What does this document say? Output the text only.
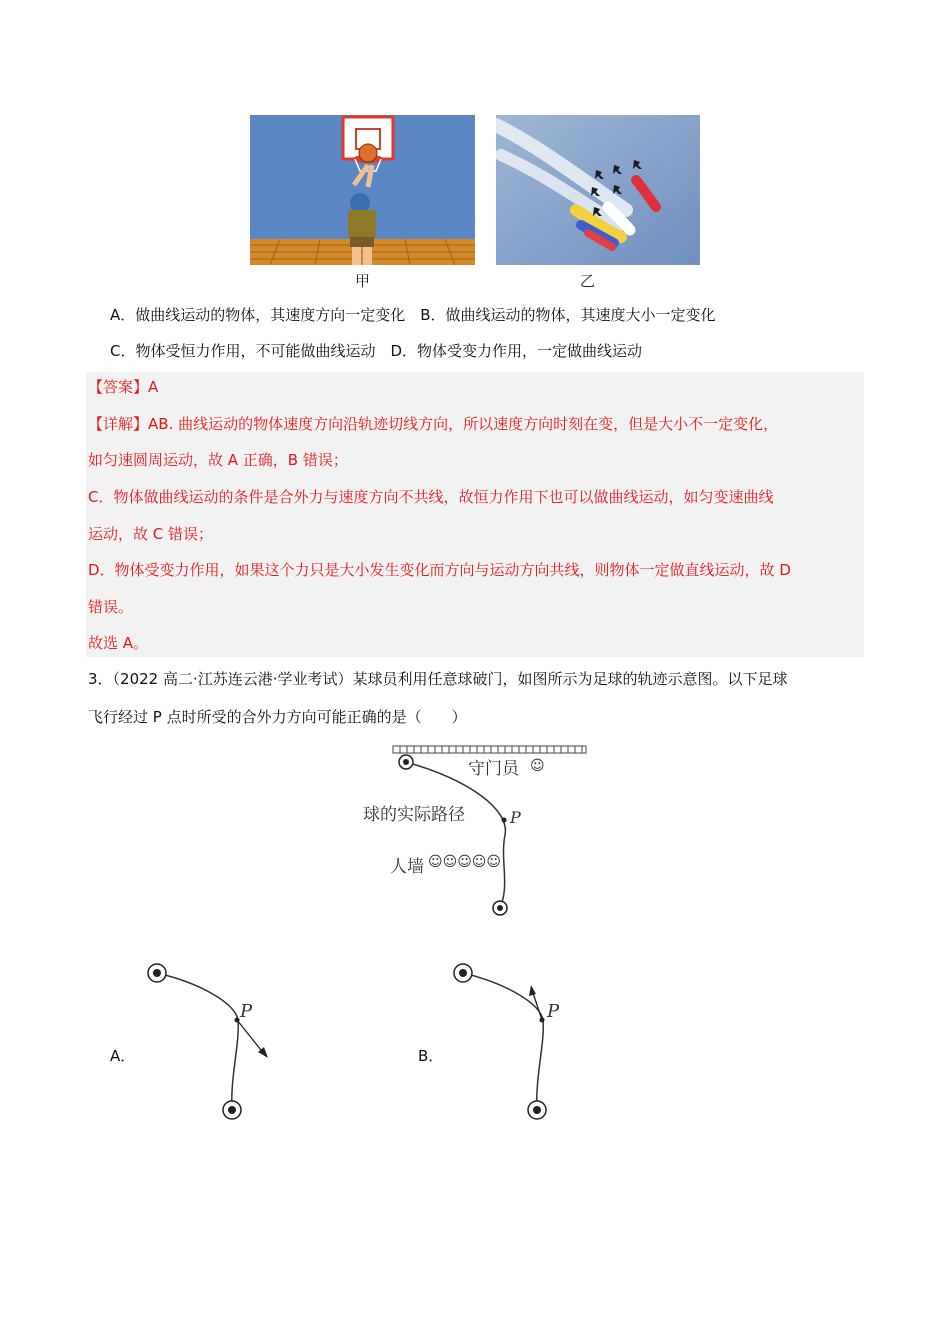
甲	乙
A．做曲线运动的物体，其速度方向一定变化　B．做曲线运动的物体，其速度大小一定变化
C．物体受恒力作用，不可能做曲线运动　D．物体受变力作用，一定做曲线运动
【答案】A
【详解】AB. 曲线运动的物体速度方向沿轨迹切线方向，所以速度方向时刻在变，但是大小不一定变化，
如匀速圆周运动，故 A 正确，B 错误；
C．物体做曲线运动的条件是合外力与速度方向不共线，故恒力作用下也可以做曲线运动，如匀变速曲线
运动，故 C 错误；
D．物体受变力作用，如果这个力只是大小发生变化而方向与运动方向共线，则物体一定做直线运动，故 D
错误。
故选 A。
3．（2022 高二·江苏连云港·学业考试）某球员利用任意球破门，如图所示为足球的轨迹示意图。以下足球
飞行经过 P 点时所受的合外力方向可能正确的是（　　）
守门员 ☺
球的实际路径	P
人墙 ☺☺☺☺☺
A．
P
B．
P
